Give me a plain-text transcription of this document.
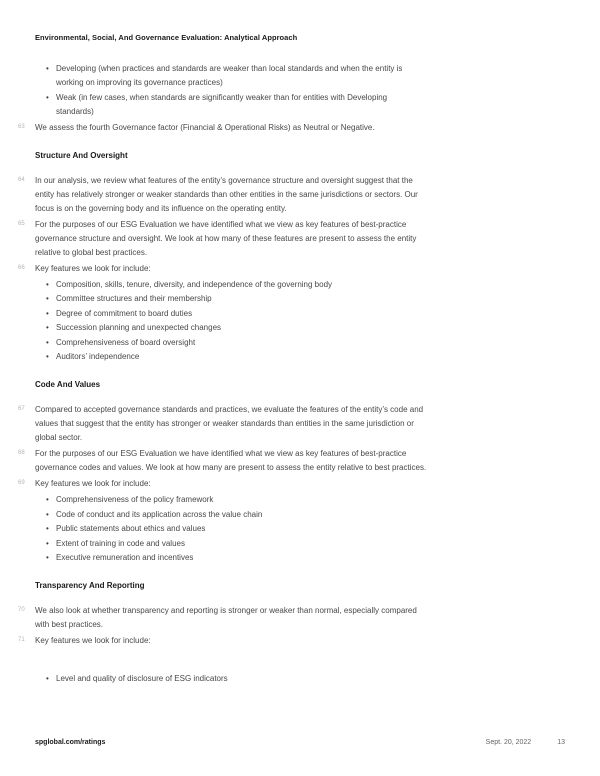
Environmental, Social, And Governance Evaluation: Analytical Approach
• Developing (when practices and standards are weaker than local standards and when the entity is working on improving its governance practices)
• Weak (in few cases, when standards are significantly weaker than for entities with Developing standards)
63	We assess the fourth Governance factor (Financial & Operational Risks) as Neutral or Negative.
Structure And Oversight
64	In our analysis, we review what features of the entity’s governance structure and oversight suggest that the entity has relatively stronger or weaker standards than other entities in the same jurisdictions or sectors. Our focus is on the governing body and its influence on the operating entity.
65	For the purposes of our ESG Evaluation we have identified what we view as key features of best-practice governance structure and oversight. We look at how many of these features are present to assess the entity relative to global best practices.
66	Key features we look for include:
• Composition, skills, tenure, diversity, and independence of the governing body
• Committee structures and their membership
• Degree of commitment to board duties
• Succession planning and unexpected changes
• Comprehensiveness of board oversight
• Auditors’ independence
Code And Values
67	Compared to accepted governance standards and practices, we evaluate the features of the entity’s code and values that suggest that the entity has stronger or weaker standards than entities in the same jurisdiction or global sector.
68	For the purposes of our ESG Evaluation we have identified what we view as key features of best-practice governance codes and values. We look at how many are present to assess the entity relative to best practices.
69	Key features we look for include:
• Comprehensiveness of the policy framework
• Code of conduct and its application across the value chain
• Public statements about ethics and values
• Extent of training in code and values
• Executive remuneration and incentives
Transparency And Reporting
70	We also look at whether transparency and reporting is stronger or weaker than normal, especially compared with best practices.
71	Key features we look for include:
• Level and quality of disclosure of ESG indicators
spglobal.com/ratings	Sept. 20, 2022	13
